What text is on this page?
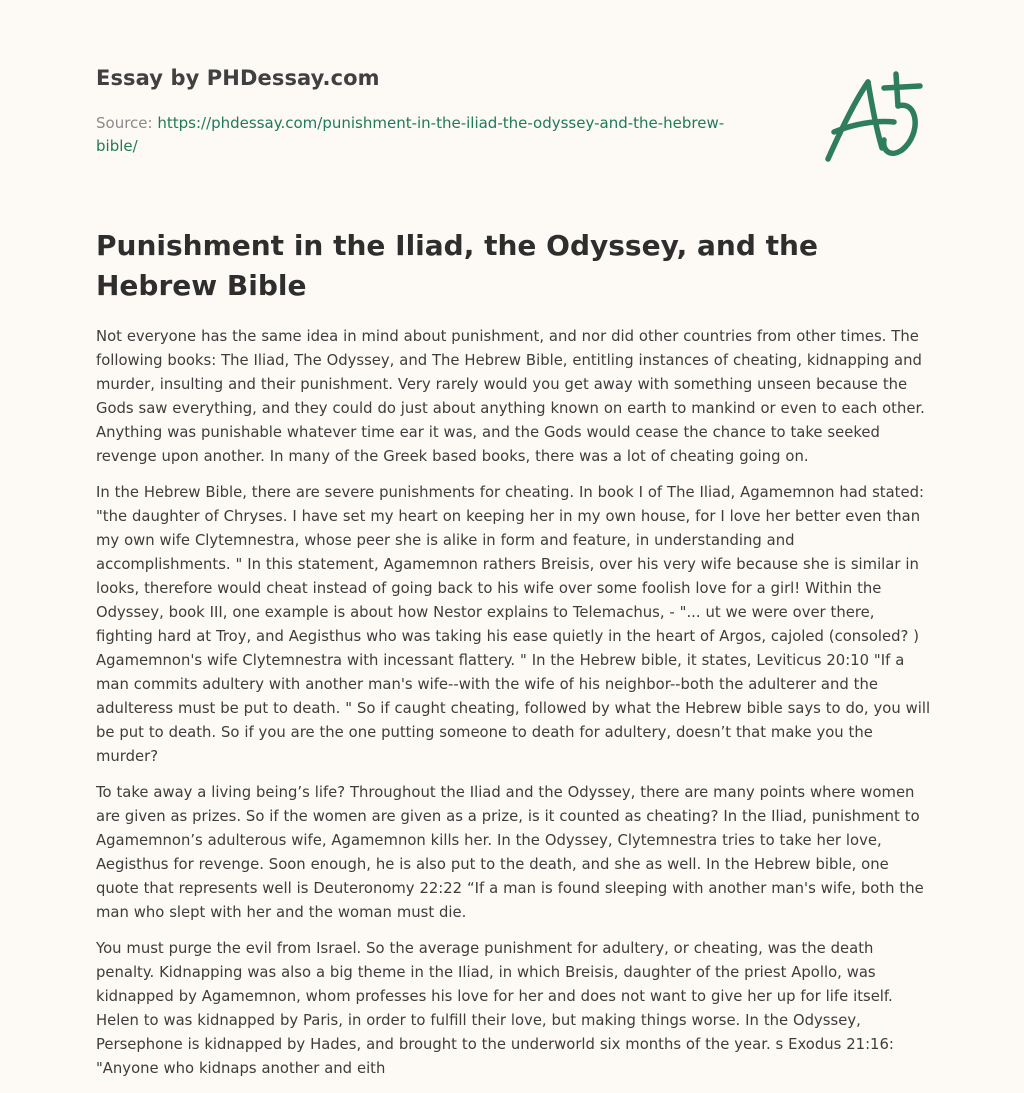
Essay by PHDessay.com
Source: https://phdessay.com/punishment-in-the-iliad-the-odyssey-and-the-hebrew-bible/
Punishment in the Iliad, the Odyssey, and the Hebrew Bible

Not everyone has the same idea in mind about punishment, and nor did other countries from other times. The following books: The Iliad, The Odyssey, and The Hebrew Bible, entitling instances of cheating, kidnapping and murder, insulting and their punishment. Very rarely would you get away with something unseen because the Gods saw everything, and they could do just about anything known on earth to mankind or even to each other. Anything was punishable whatever time ear it was, and the Gods would cease the chance to take seeked revenge upon another. In many of the Greek based books, there was a lot of cheating going on.

In the Hebrew Bible, there are severe punishments for cheating. In book I of The Iliad, Agamemnon had stated: "the daughter of Chryses. I have set my heart on keeping her in my own house, for I love her better even than my own wife Clytemnestra, whose peer she is alike in form and feature, in understanding and accomplishments. " In this statement, Agamemnon rathers Breisis, over his very wife because she is similar in looks, therefore would cheat instead of going back to his wife over some foolish love for a girl! Within the Odyssey, book III, one example is about how Nestor explains to Telemachus, - "... ut we were over there, fighting hard at Troy, and Aegisthus who was taking his ease quietly in the heart of Argos, cajoled (consoled? ) Agamemnon's wife Clytemnestra with incessant flattery. " In the Hebrew bible, it states, Leviticus 20:10 "If a man commits adultery with another man's wife--with the wife of his neighbor--both the adulterer and the adulteress must be put to death. " So if caught cheating, followed by what the Hebrew bible says to do, you will be put to death. So if you are the one putting someone to death for adultery, doesn’t that make you the murder?

To take away a living being’s life? Throughout the Iliad and the Odyssey, there are many points where women are given as prizes. So if the women are given as a prize, is it counted as cheating? In the Iliad, punishment to Agamemnon’s adulterous wife, Agamemnon kills her. In the Odyssey, Clytemnestra tries to take her love, Aegisthus for revenge. Soon enough, he is also put to the death, and she as well. In the Hebrew bible, one quote that represents well is Deuteronomy 22:22 “If a man is found sleeping with another man's wife, both the man who slept with her and the woman must die.

You must purge the evil from Israel. So the average punishment for adultery, or cheating, was the death penalty. Kidnapping was also a big theme in the Iliad, in which Breisis, daughter of the priest Apollo, was kidnapped by Agamemnon, whom professes his love for her and does not want to give her up for life itself. Helen to was kidnapped by Paris, in order to fulfill their love, but making things worse. In the Odyssey, Persephone is kidnapped by Hades, and brought to the underworld six months of the year. s Exodus 21:16: "Anyone who kidnaps another and eith
